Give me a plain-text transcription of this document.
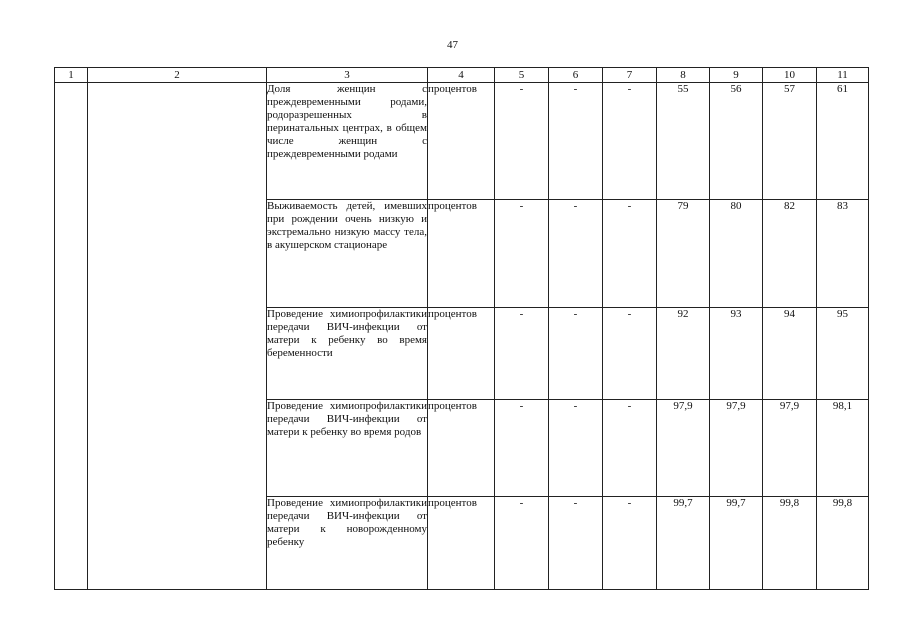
47
1	2	3	4	5	6	7	8	9	10	11
		Доля женщин с преждевременными родами, родоразрешенных в перинатальных центрах, в общем числе женщин с преждевременными родами	процентов	-	-	-	55	56	57	61
		Выживаемость детей, имевших при рождении очень низкую и экстремально низкую массу тела, в акушерском стационаре	процентов	-	-	-	79	80	82	83
		Проведение химиопрофилактики передачи ВИЧ-инфекции от матери к ребенку во время беременности	процентов	-	-	-	92	93	94	95
		Проведение химиопрофилактики передачи ВИЧ-инфекции от матери к ребенку во время родов	процентов	-	-	-	97,9	97,9	97,9	98,1
		Проведение химиопрофилактики передачи ВИЧ-инфекции от матери к новорожденному ребенку	процентов	-	-	-	99,7	99,7	99,8	99,8
